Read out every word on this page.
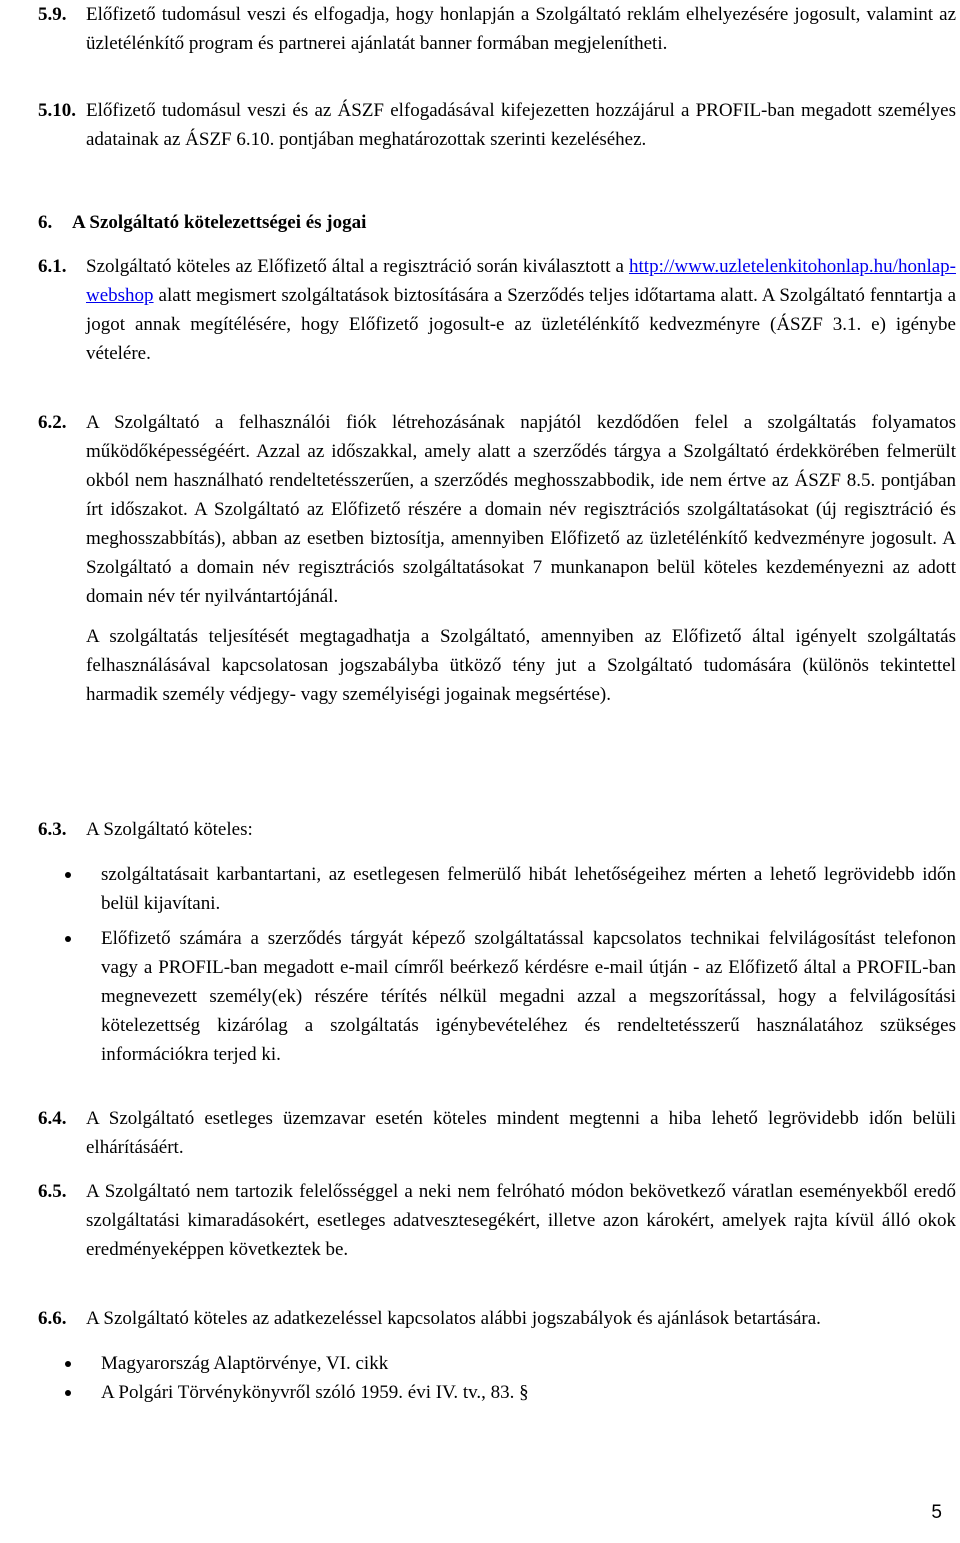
5.9.	Előfizető tudomásul veszi és elfogadja, hogy honlapján a Szolgáltató reklám elhelyezésére jogosult, valamint az üzletélénkítő program és partnerei ajánlatát banner formában megjelenítheti.

5.10. Előfizető tudomásul veszi és az ÁSZF elfogadásával kifejezetten hozzájárul a PROFIL-ban megadott személyes adatainak az ÁSZF 6.10. pontjában meghatározottak szerinti kezeléséhez.

6. A Szolgáltató kötelezettségei és jogai
6.1.	Szolgáltató köteles az Előfizető által a regisztráció során kiválasztott a http://www.uzletelenkitohonlap.hu/honlap-webshop alatt megismert szolgáltatások biztosítására a Szerződés teljes időtartama alatt. A Szolgáltató fenntartja a jogot annak megítélésére, hogy Előfizető jogosult-e az üzletélénkítő kedvezményre (ÁSZF 3.1. e) igénybe vételére.

6.2.	A Szolgáltató a felhasználói fiók létrehozásának napjától kezdődően felel a szolgáltatás folyamatos működőképességéért. Azzal az időszakkal, amely alatt a szerződés tárgya a Szolgáltató érdekkörében felmerült okból nem használható rendeltetésszerűen, a szerződés meghosszabbodik, ide nem értve az ÁSZF 8.5. pontjában írt időszakot. A Szolgáltató az Előfizető részére a domain név regisztrációs szolgáltatásokat (új regisztráció és meghosszabbítás), abban az esetben biztosítja, amennyiben Előfizető az üzletélénkítő kedvezményre jogosult. A Szolgáltató a domain név regisztrációs szolgáltatásokat 7 munkanapon belül köteles kezdeményezni az adott domain név tér nyilvántartójánál.

A szolgáltatás teljesítését megtagadhatja a Szolgáltató, amennyiben az Előfizető által igényelt szolgáltatás felhasználásával kapcsolatosan jogszabályba ütköző tény jut a Szolgáltató tudomására (különös tekintettel harmadik személy védjegy- vagy személyiségi jogainak megsértése).

6.3.	A Szolgáltató köteles:

szolgáltatásait karbantartani, az esetlegesen felmerülő hibát lehetőségeihez mérten a lehető legrövidebb időn belül kijavítani.
Előfizető számára a szerződés tárgyát képező szolgáltatással kapcsolatos technikai felvilágosítást telefonon vagy a PROFIL-ban megadott e-mail címről beérkező kérdésre e-mail útján - az Előfizető által a PROFIL-ban megnevezett személy(ek) részére térítés nélkül megadni azzal a megszorítással, hogy a felvilágosítási kötelezettség kizárólag a szolgáltatás igénybevételéhez és rendeltetésszerű használatához szükséges információkra terjed ki.
6.4.	A Szolgáltató esetleges üzemzavar esetén köteles mindent megtenni a hiba lehető legrövidebb időn belüli elhárításáért.

6.5.	A Szolgáltató nem tartozik felelősséggel a neki nem felróható módon bekövetkező váratlan eseményekből eredő szolgáltatási kimaradásokért, esetleges adatvesztesegékért, illetve azon károkért, amelyek rajta kívül álló okok eredményeképpen következtek be.

6.6.	A Szolgáltató köteles az adatkezeléssel kapcsolatos alábbi jogszabályok és ajánlások betartására.

Magyarország Alaptörvénye, VI. cikk
A Polgári Törvénykönyvről szóló 1959. évi IV. tv., 83. §
5
